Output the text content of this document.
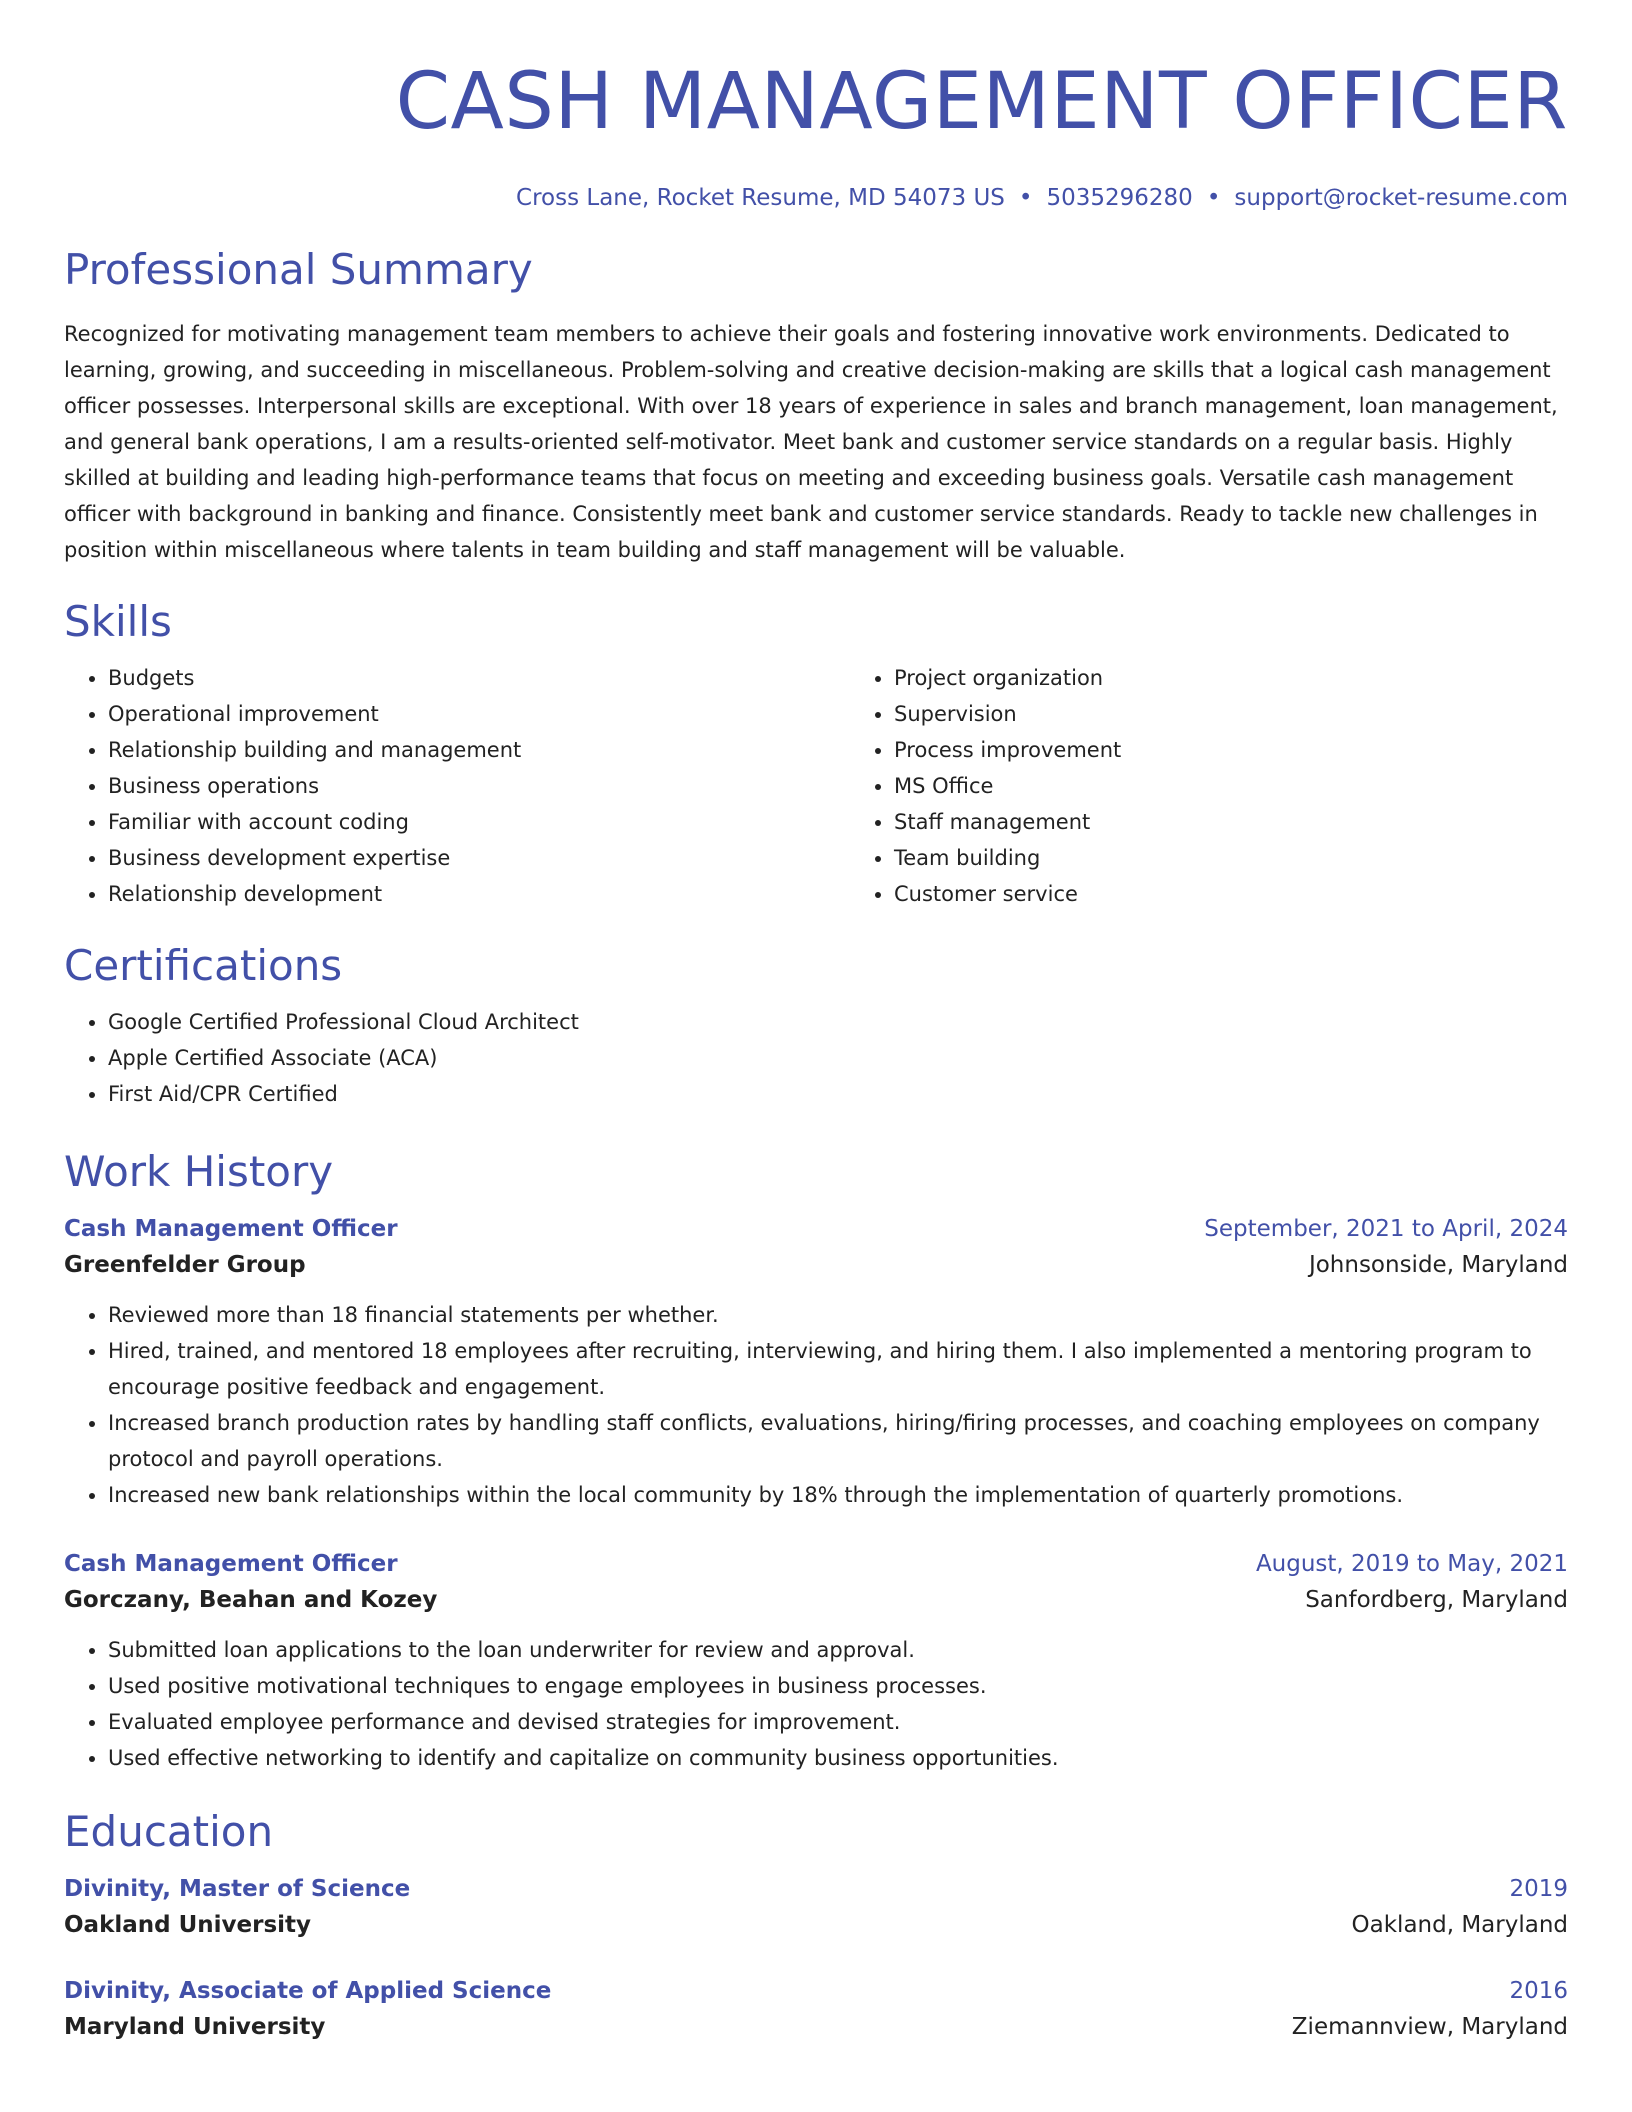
CASH MANAGEMENT OFFICER
Cross Lane, Rocket Resume, MD 54073 US • 5035296280 • support@rocket-resume.com
Professional Summary
Recognized for motivating management team members to achieve their goals and fostering innovative work environments. Dedicated to learning, growing, and succeeding in miscellaneous. Problem-solving and creative decision-making are skills that a logical cash management officer possesses. Interpersonal skills are exceptional. With over 18 years of experience in sales and branch management, loan management, and general bank operations, I am a results-oriented self-motivator. Meet bank and customer service standards on a regular basis. Highly skilled at building and leading high-performance teams that focus on meeting and exceeding business goals. Versatile cash management officer with background in banking and finance. Consistently meet bank and customer service standards. Ready to tackle new challenges in position within miscellaneous where talents in team building and staff management will be valuable.
Skills
• Budgets
• Operational improvement
• Relationship building and management
• Business operations
• Familiar with account coding
• Business development expertise
• Relationship development
• Project organization
• Supervision
• Process improvement
• MS Office
• Staff management
• Team building
• Customer service
Certifications
• Google Certified Professional Cloud Architect
• Apple Certified Associate (ACA)
• First Aid/CPR Certified
Work History
Cash Management Officer	September, 2021 to April, 2024
Greenfelder Group	Johnsonside, Maryland
• Reviewed more than 18 financial statements per whether.
• Hired, trained, and mentored 18 employees after recruiting, interviewing, and hiring them. I also implemented a mentoring program to encourage positive feedback and engagement.
• Increased branch production rates by handling staff conflicts, evaluations, hiring/firing processes, and coaching employees on company protocol and payroll operations.
• Increased new bank relationships within the local community by 18% through the implementation of quarterly promotions.
Cash Management Officer	August, 2019 to May, 2021
Gorczany, Beahan and Kozey	Sanfordberg, Maryland
• Submitted loan applications to the loan underwriter for review and approval.
• Used positive motivational techniques to engage employees in business processes.
• Evaluated employee performance and devised strategies for improvement.
• Used effective networking to identify and capitalize on community business opportunities.
Education
Divinity, Master of Science	2019
Oakland University	Oakland, Maryland
Divinity, Associate of Applied Science	2016
Maryland University	Ziemannview, Maryland
